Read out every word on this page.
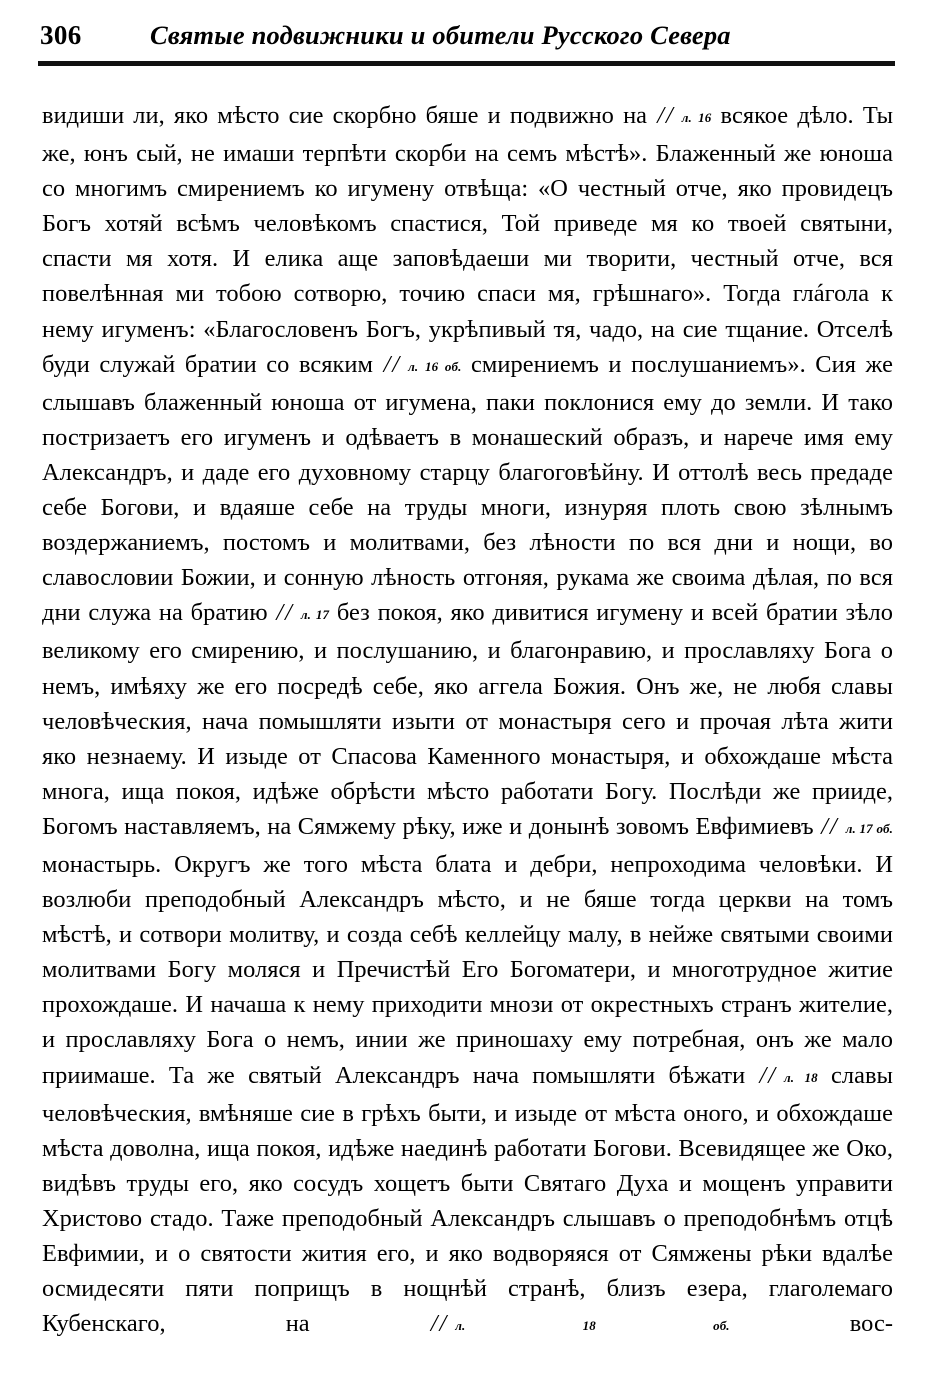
306	Святые подвижники и обители Русского Севера

видиши ли, яко мѣсто сие скорбно бяше и подвижно на //  л. 16 всякое дѣло. Ты же, юнъ сый, не имаши терпѣти скорби на семъ мѣстѣ». Блаженный же юноша со многимъ смирениемъ ко игумену отвѣща: «О честный отче, яко провидецъ Богъ хотяй всѣмъ человѣкомъ спастися, Той приведе мя ко твоей святыни, спасти мя хотя. И елика аще заповѣдаеши ми творити, честный отче, вся повелѣнная ми тобою сотворю, точию спаси мя, грѣшнаго». Тогда глáгола к нему игуменъ: «Благословенъ Богъ, укрѣпивый тя, чадо, на сие тщание. Отселѣ буди служай братии со всяким //  л. 16 об. смирениемъ и послушаниемъ». Сия же слышавъ блаженный юноша от игумена, паки поклонися ему до земли. И тако постризаетъ его игуменъ и одѣваетъ в монашеский образъ, и нарече имя ему Александръ, и даде его духовному старцу благоговѣйну. И оттолѣ весь предаде себе Богови, и вдаяше себе на труды многи, изнуряя плоть свою зѣлнымъ воздержаниемъ, постомъ и молитвами, без лѣности по вся дни и нощи, во славословии Божии, и сонную лѣность отгоняя, рукама же своима дѣлая, по вся дни служа на братию //  л. 17 без покоя, яко дивитися игумену и всей братии зѣло великому его смирению, и послушанию, и благонравию, и прославляху Бога о немъ, имѣяху же его посредѣ себе, яко аггела Божия. Онъ же, не любя славы человѣческия, нача помышляти изыти от монастыря сего и прочая лѣта жити яко незнаему. И изыде от Спасова Каменного монастыря, и обхождаше мѣста многа, ища покоя, идѣже обрѣсти мѣсто работати Богу. Послѣди же прииде, Богомъ наставляемъ, на Сямжему рѣку, иже и донынѣ зовомъ Евфимиевъ //  л. 17 об. монастырь. Округъ же того мѣста блата и дебри, непроходима человѣки. И возлюби преподобный Александръ мѣсто, и не бяше тогда церкви на томъ мѣстѣ, и сотвори молитву, и созда себѣ келлейцу малу, в нейже святыми своими молитвами Богу моляся и Пречистѣй Его Богоматери, и многотрудное житие прохождаше. И начаша к нему приходити мнози от окрестныхъ странъ жителие, и прославляху Бога о немъ, инии же приношаху ему потребная, онъ же мало приимаше. Та же святый Александръ нача помышляти бѣжати //  л. 18 славы человѣческия, вмѣняше сие в грѣхъ быти, и изыде от мѣста оного, и обхождаше мѣста доволна, ища покоя, идѣже наединѣ работати Богови. Всевидящее же Око, видѣвъ труды его, яко сосудъ хощетъ быти Святаго Духа и мощенъ управити Христово стадо. Таже преподобный Александръ слышавъ о преподобнѣмъ отцѣ Евфимии, и о святости жития его, и яко водворяяся от Сямжены рѣки вдалѣе осмидесяти пяти поприщъ в нощнѣй странѣ, близъ езера, глаголемаго Кубенскаго, на //  л. 18 об. вос-
